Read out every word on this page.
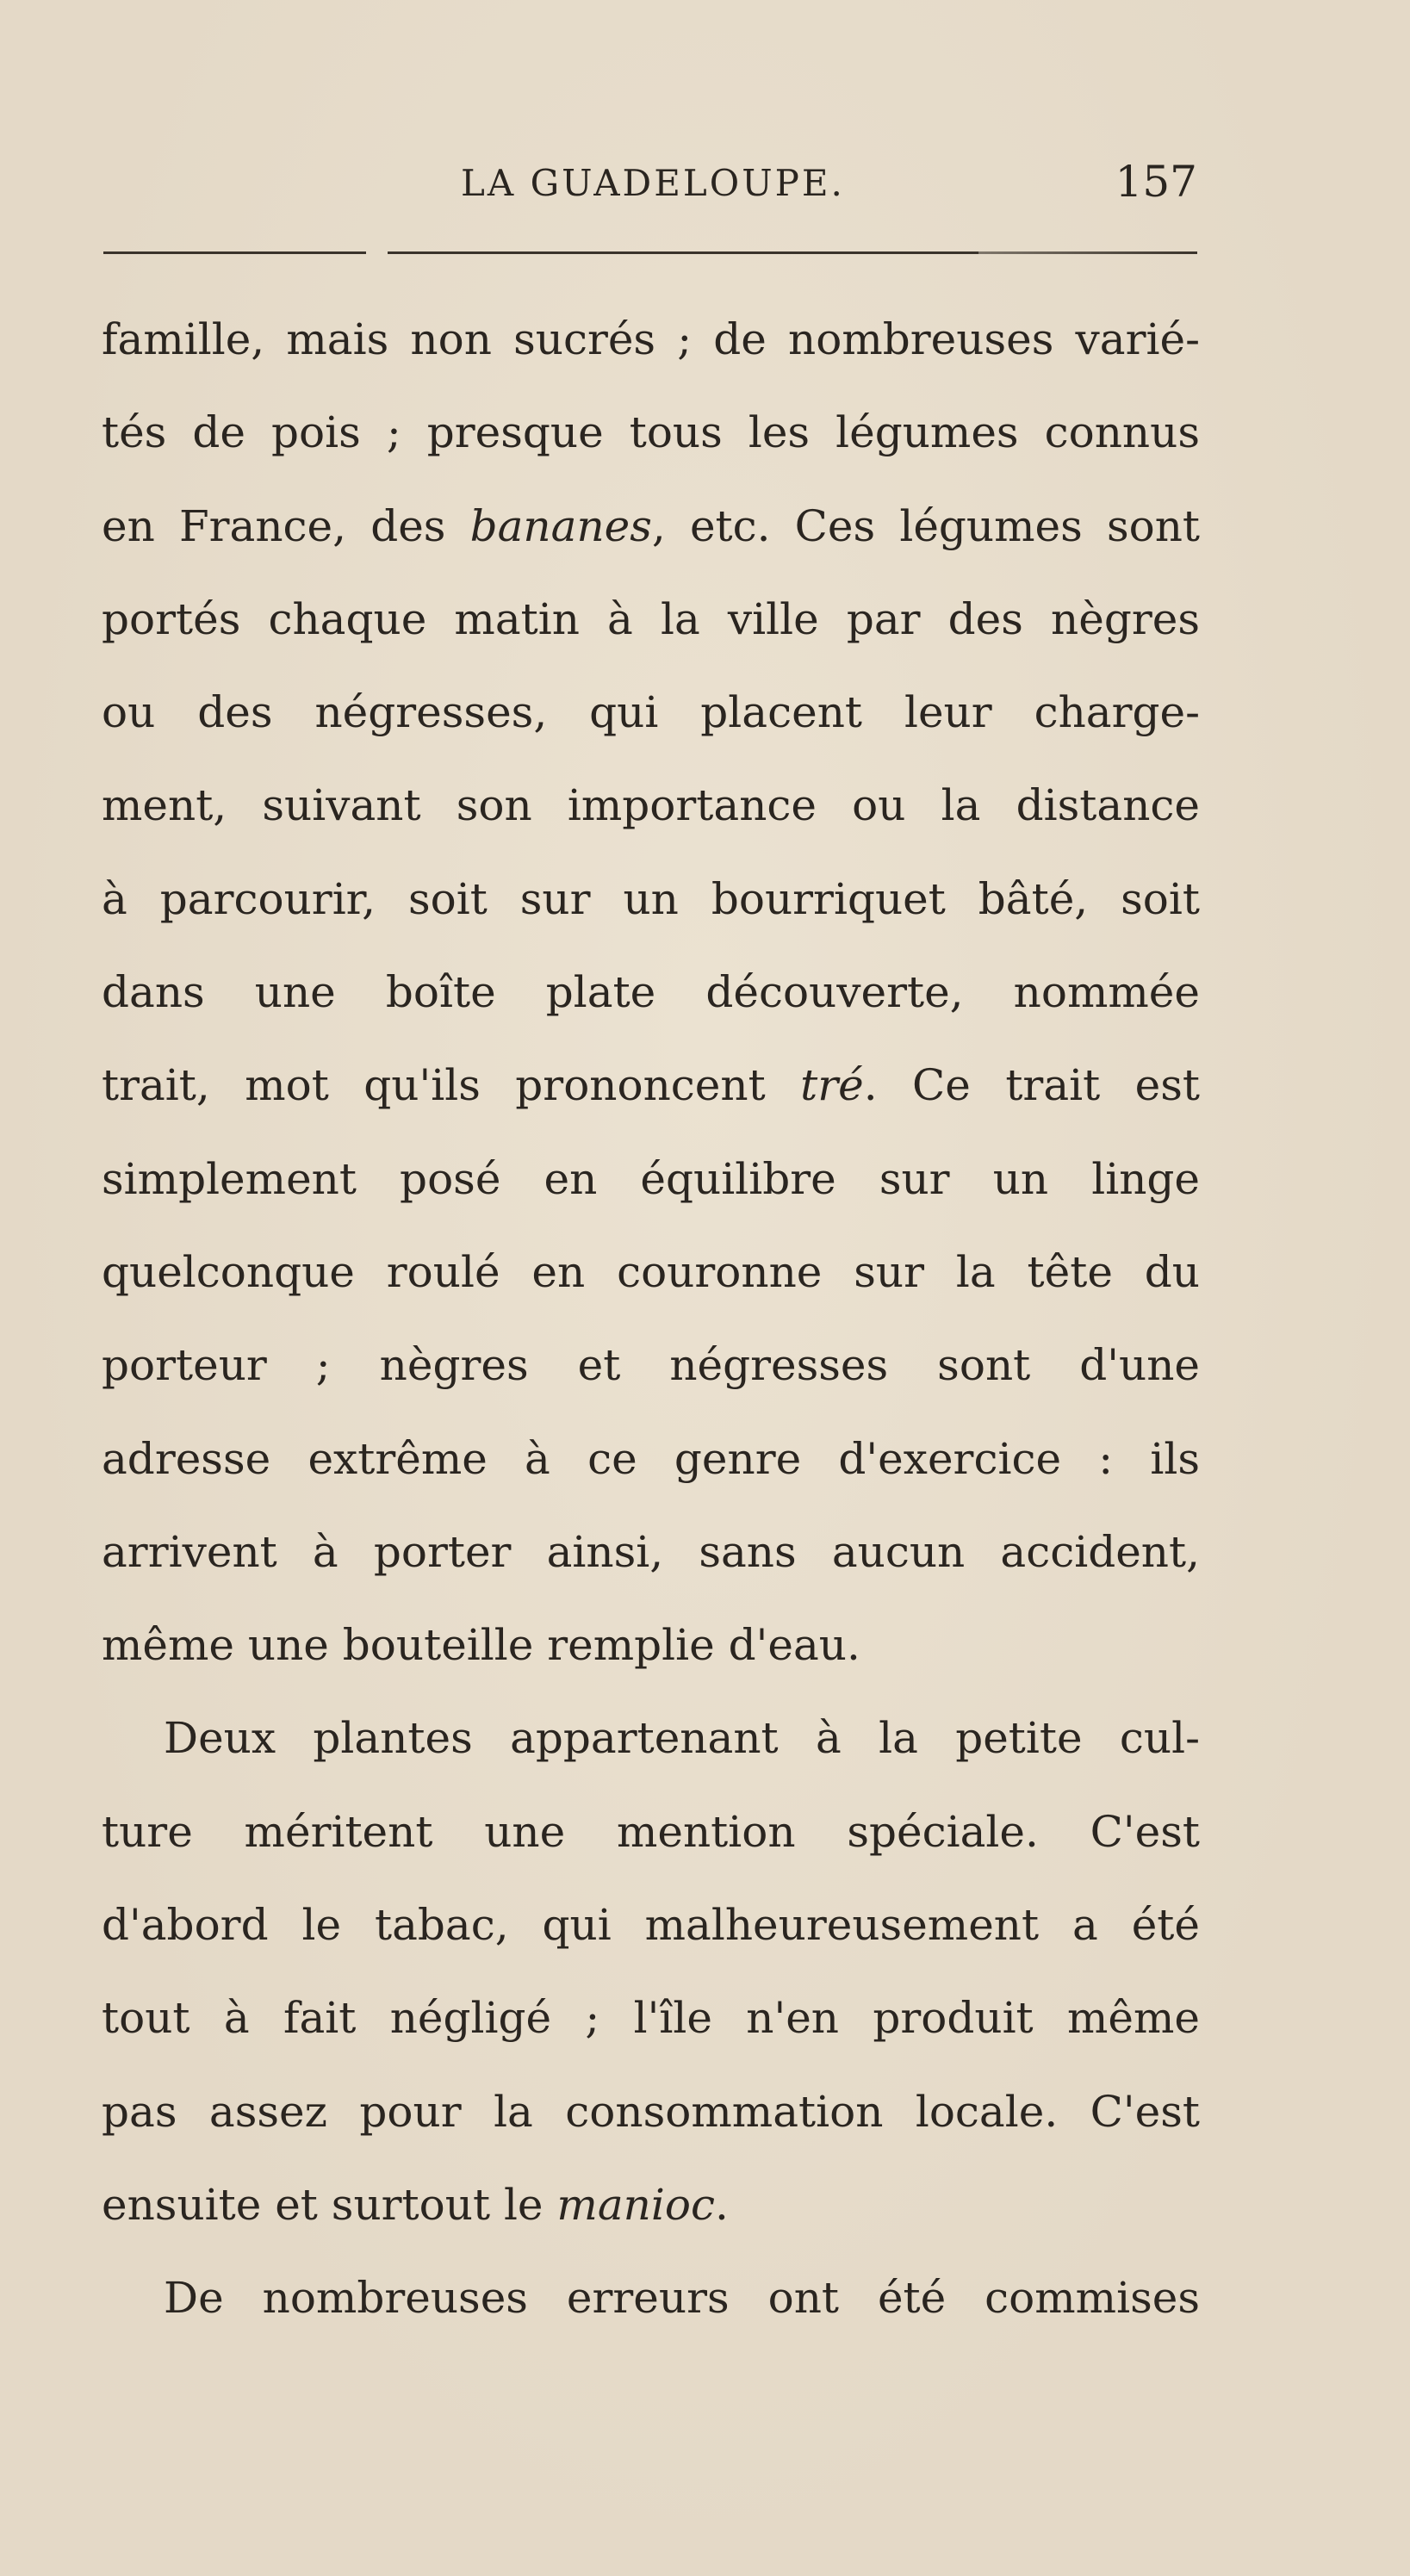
LA GUADELOUPE.	157
famille, mais non sucrés ; de nombreuses varié-
tés de pois ; presque tous les légumes connus
en France, des bananes, etc. Ces légumes sont
portés chaque matin à la ville par des nègres
ou des négresses, qui placent leur charge-
ment, suivant son importance ou la distance
à parcourir, soit sur un bourriquet bâté, soit
dans une boîte plate découverte, nommée
trait, mot qu'ils prononcent tré. Ce trait est
simplement posé en équilibre sur un linge
quelconque roulé en couronne sur la tête du
porteur ; nègres et négresses sont d'une
adresse extrême à ce genre d'exercice : ils
arrivent à porter ainsi, sans aucun accident,
même une bouteille remplie d'eau.
Deux plantes appartenant à la petite cul-
ture méritent une mention spéciale. C'est
d'abord le tabac, qui malheureusement a été
tout à fait négligé ; l'île n'en produit même
pas assez pour la consommation locale. C'est
ensuite et surtout le manioc.
De nombreuses erreurs ont été commises
